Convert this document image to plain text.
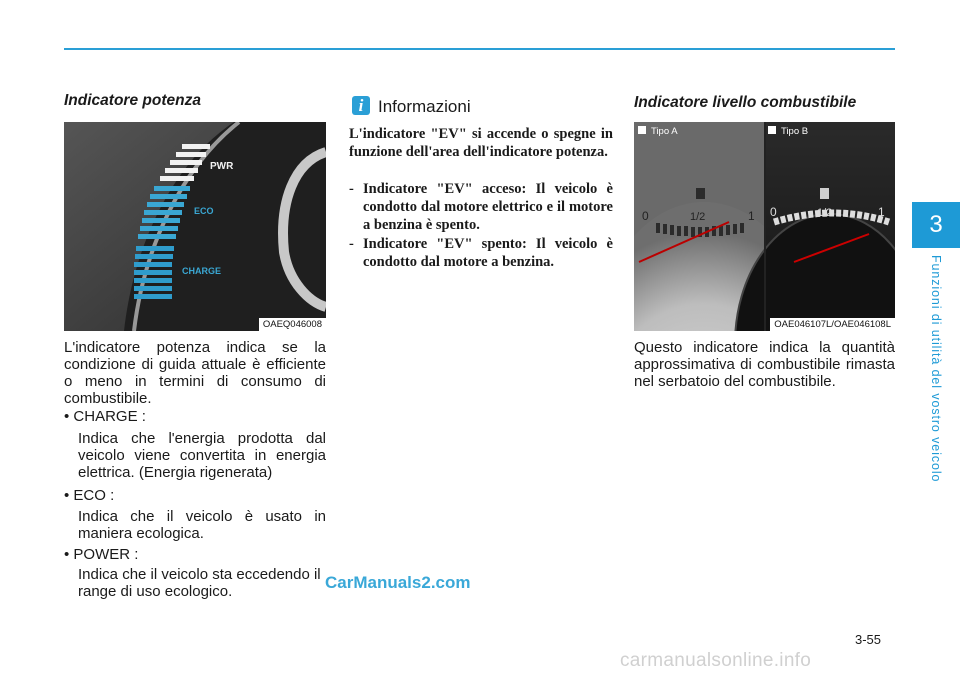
Indicatore potenza
PWR
ECO
CHARGE
OAEQ046008

L'indicatore potenza indica se la condizione di guida attuale è efficiente o meno in termini di consumo di combustibile.

• CHARGE :
Indica che l'energia prodotta dal veicolo viene convertita in energia elettrica. (Energia rigenerata)
• ECO :
Indica che il veicolo è usato in maniera ecologica.
• POWER :
Indica che il veicolo sta eccedendo il range di uso ecologico.
i Informazioni

L'indicatore "EV" si accende o spegne in funzione dell'area dell'indicatore potenza.

- Indicatore "EV" acceso: Il veicolo è condotto dal motore elettrico e il motore a benzina è spento.
- Indicatore "EV" spento: Il veicolo è condotto dal motore a benzina.
Indicatore livello combustibile
0	1/2	1 0	1/2	1
Tipo A	Tipo B
OAE046107L/OAE046108L

Questo indicatore indica la quantità approssimativa di combustibile rimasta nel serbatoio del combustibile.

3
Funzioni di utilità del vostro veicolo
3-55
CarManuals2.com
carmanualsonline.info
